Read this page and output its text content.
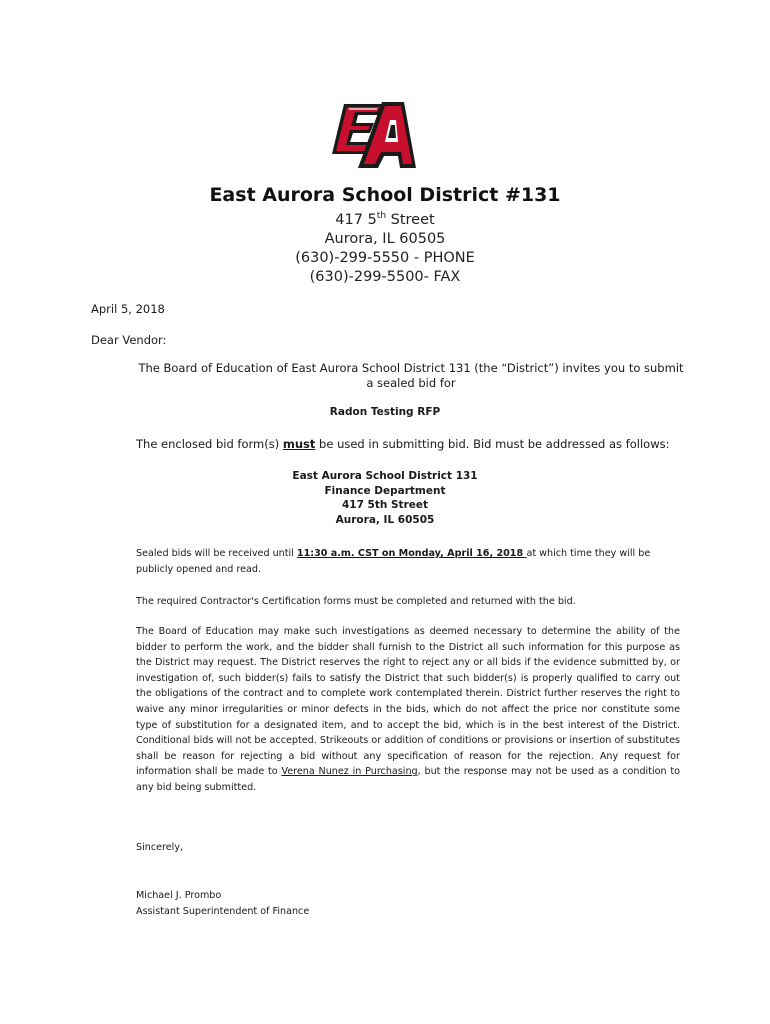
East Aurora School District #131
417 5th Street
Aurora, IL 60505
(630)-299-5550 - PHONE
(630)-299-5500- FAX
April 5, 2018
Dear Vendor:
The Board of Education of East Aurora School District 131 (the “District”) invites you to submit a sealed bid for
Radon Testing RFP
The enclosed bid form(s) must be used in submitting bid. Bid must be addressed as follows:
East Aurora School District 131
Finance Department
417 5th Street
Aurora, IL 60505
Sealed bids will be received until 11:30 a.m. CST on Monday, April 16, 2018 at which time they will be publicly opened and read.
The required Contractor's Certification forms must be completed and returned with the bid.
The Board of Education may make such investigations as deemed necessary to determine the ability of the bidder to perform the work, and the bidder shall furnish to the District all such information for this purpose as the District may request. The District reserves the right to reject any or all bids if the evidence submitted by, or investigation of, such bidder(s) fails to satisfy the District that such bidder(s) is properly qualified to carry out the obligations of the contract and to complete work contemplated therein. District further reserves the right to waive any minor irregularities or minor defects in the bids, which do not affect the price nor constitute some type of substitution for a designated item, and to accept the bid, which is in the best interest of the District. Conditional bids will not be accepted. Strikeouts or addition of conditions or provisions or insertion of substitutes shall be reason for rejecting a bid without any specification of reason for the rejection. Any request for information shall be made to Verena Nunez in Purchasing, but the response may not be used as a condition to any bid being submitted.
Sincerely,
Michael J. Prombo
Assistant Superintendent of Finance
